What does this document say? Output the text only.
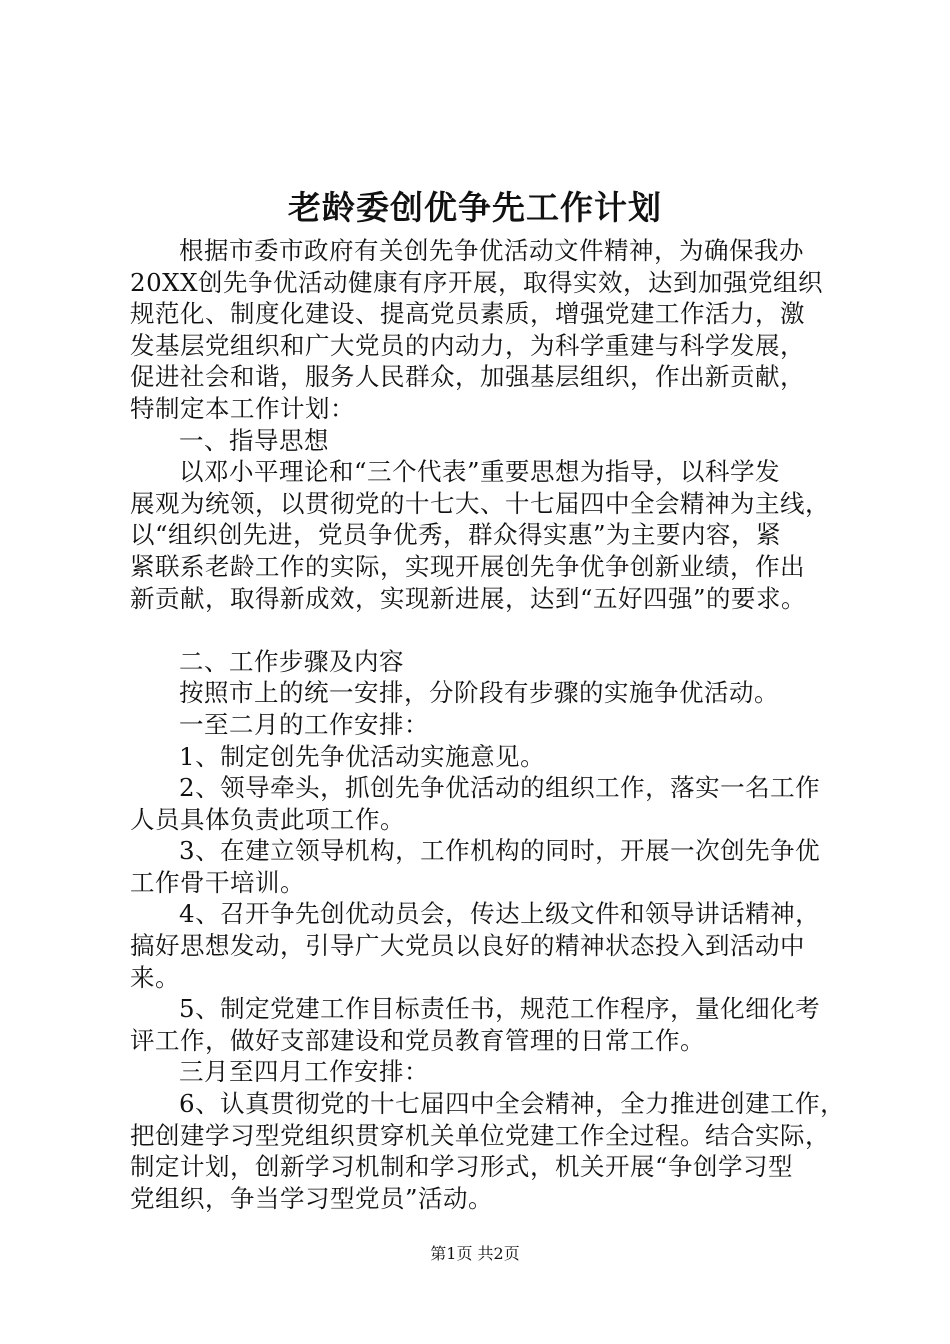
老龄委创优争先工作计划
根据市委市政府有关创先争优活动文件精神，为确保我办
20XX创先争优活动健康有序开展，取得实效，达到加强党组织
规范化、制度化建设、提高党员素质，增强党建工作活力，激
发基层党组织和广大党员的内动力，为科学重建与科学发展，
促进社会和谐，服务人民群众，加强基层组织，作出新贡献，
特制定本工作计划：
一、指导思想
以邓小平理论和“三个代表”重要思想为指导，以科学发
展观为统领，以贯彻党的十七大、十七届四中全会精神为主线，
以“组织创先进，党员争优秀，群众得实惠”为主要内容，紧
紧联系老龄工作的实际，实现开展创先争优争创新业绩，作出
新贡献，取得新成效，实现新进展，达到“五好四强”的要求。
二、工作步骤及内容
按照市上的统一安排，分阶段有步骤的实施争优活动。
一至二月的工作安排：
1、制定创先争优活动实施意见。
2、领导牵头，抓创先争优活动的组织工作，落实一名工作
人员具体负责此项工作。
3、在建立领导机构，工作机构的同时，开展一次创先争优
工作骨干培训。
4、召开争先创优动员会，传达上级文件和领导讲话精神，
搞好思想发动，引导广大党员以良好的精神状态投入到活动中
来。
5、制定党建工作目标责任书，规范工作程序，量化细化考
评工作，做好支部建设和党员教育管理的日常工作。
三月至四月工作安排：
6、认真贯彻党的十七届四中全会精神，全力推进创建工作，
把创建学习型党组织贯穿机关单位党建工作全过程。结合实际，
制定计划，创新学习机制和学习形式，机关开展“争创学习型
党组织，争当学习型党员”活动。
第1页 共2页
